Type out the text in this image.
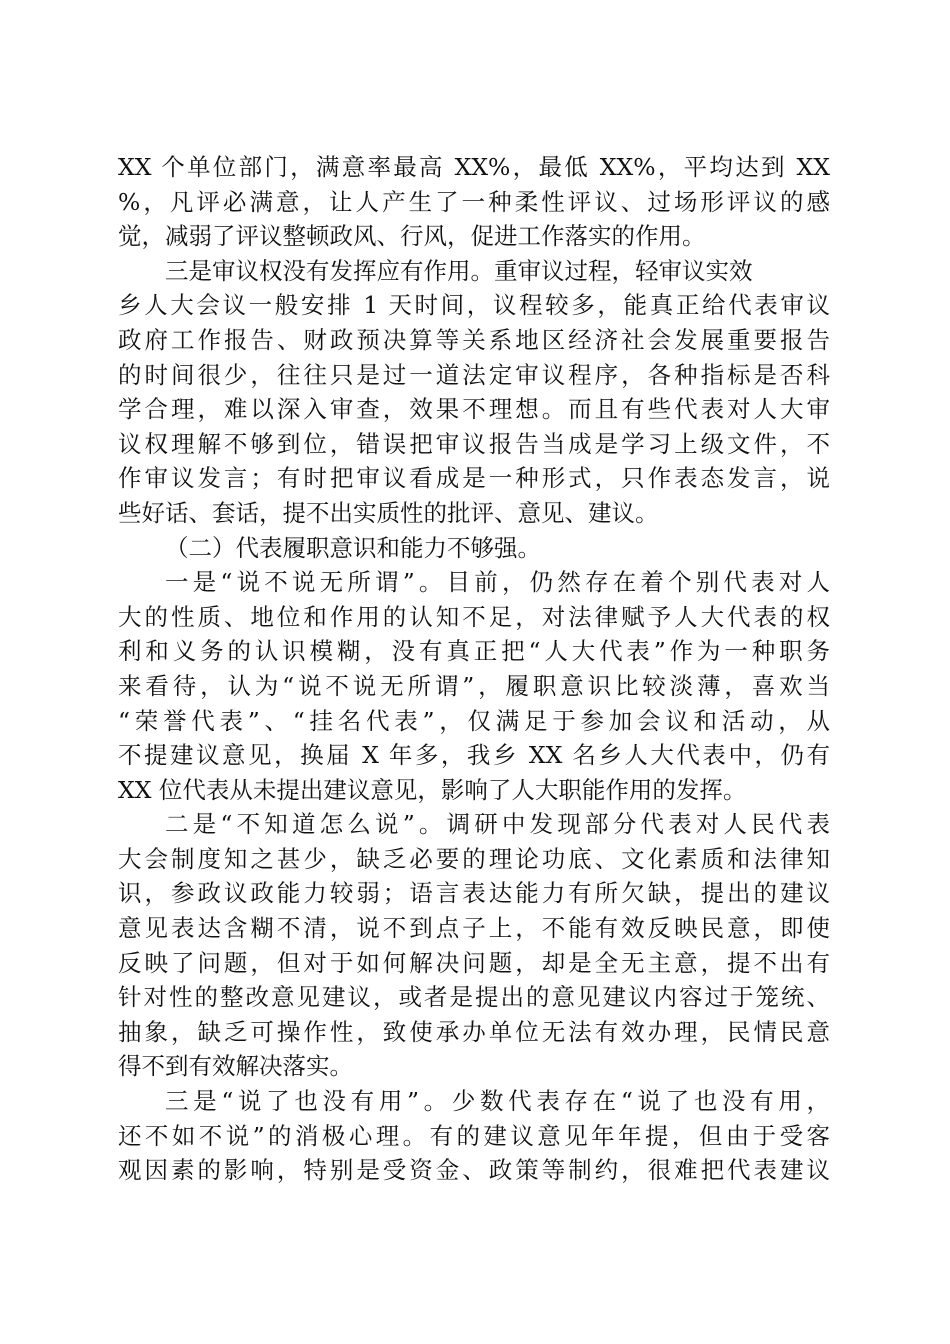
XX 个单位部门，满意率最高 XX%，最低 XX%，平均达到 XX
%，凡评必满意，让人产生了一种柔性评议、过场形评议的感
觉，减弱了评议整顿政风、行风，促进工作落实的作用。
三是审议权没有发挥应有作用。重审议过程，轻审议实效
乡人大会议一般安排 1 天时间，议程较多，能真正给代表审议
政府工作报告、财政预决算等关系地区经济社会发展重要报告
的时间很少，往往只是过一道法定审议程序，各种指标是否科
学合理，难以深入审查，效果不理想。而且有些代表对人大审
议权理解不够到位，错误把审议报告当成是学习上级文件，不
作审议发言；有时把审议看成是一种形式，只作表态发言，说
些好话、套话，提不出实质性的批评、意见、建议。
（二）代表履职意识和能力不够强。
一是“说不说无所谓”。目前，仍然存在着个别代表对人
大的性质、地位和作用的认知不足，对法律赋予人大代表的权
利和义务的认识模糊，没有真正把“人大代表”作为一种职务
来看待，认为“说不说无所谓”，履职意识比较淡薄，喜欢当
“荣誉代表”、“挂名代表”，仅满足于参加会议和活动，从
不提建议意见，换届 X 年多，我乡 XX 名乡人大代表中，仍有
XX 位代表从未提出建议意见，影响了人大职能作用的发挥。
二是“不知道怎么说”。调研中发现部分代表对人民代表
大会制度知之甚少，缺乏必要的理论功底、文化素质和法律知
识，参政议政能力较弱；语言表达能力有所欠缺，提出的建议
意见表达含糊不清，说不到点子上，不能有效反映民意，即使
反映了问题，但对于如何解决问题，却是全无主意，提不出有
针对性的整改意见建议，或者是提出的意见建议内容过于笼统、
抽象，缺乏可操作性，致使承办单位无法有效办理，民情民意
得不到有效解决落实。
三是“说了也没有用”。少数代表存在“说了也没有用，
还不如不说”的消极心理。有的建议意见年年提，但由于受客
观因素的影响，特别是受资金、政策等制约，很难把代表建议
